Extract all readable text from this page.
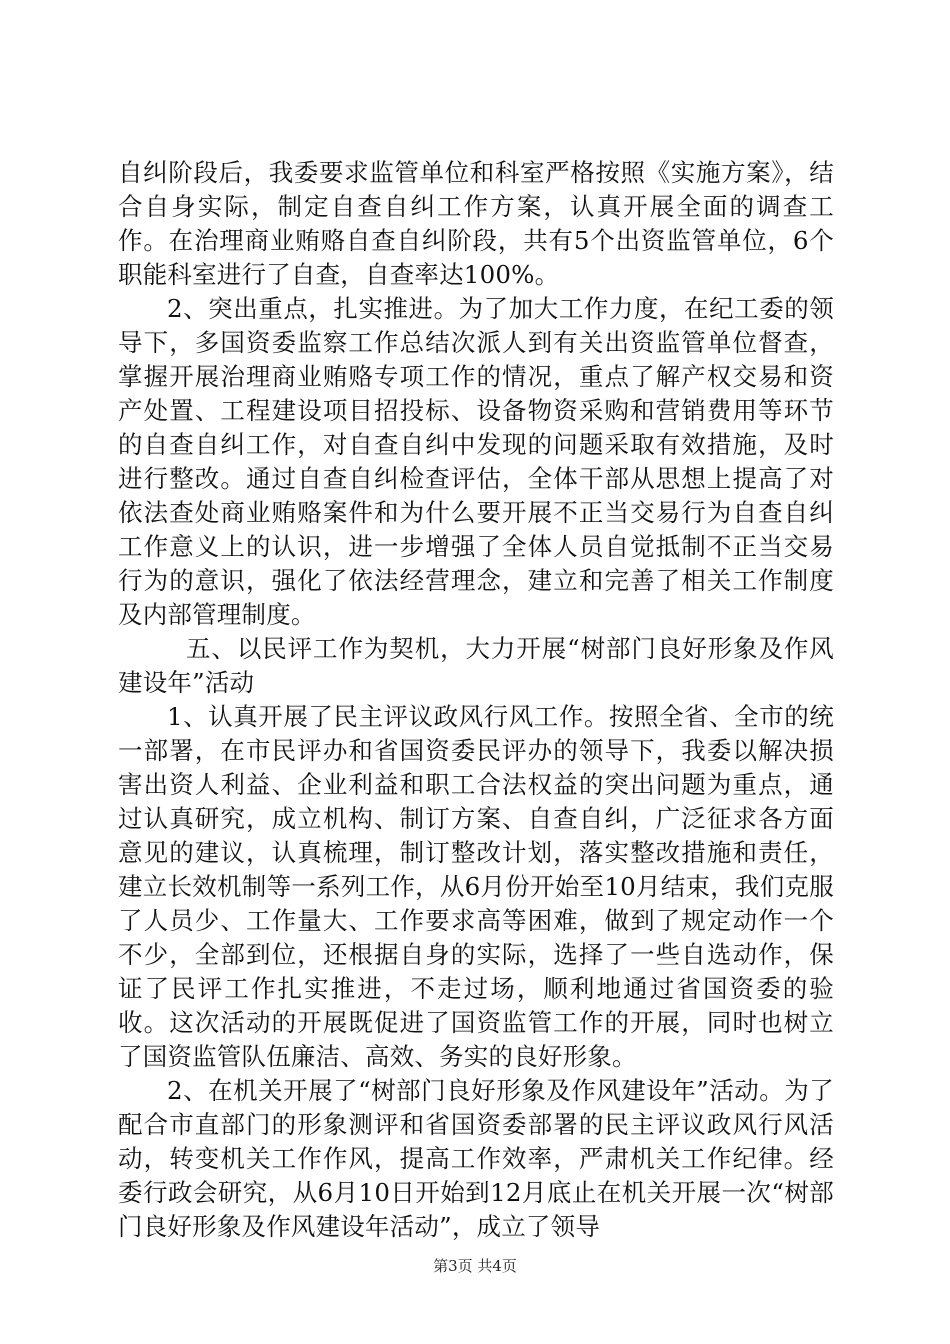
自纠阶段后，我委要求监管单位和科室严格按照《实施方案》，结合自身实际，制定自查自纠工作方案，认真开展全面的调查工作。在治理商业贿赂自查自纠阶段，共有5个出资监管单位，6个职能科室进行了自查，自查率达100%。

2、突出重点，扎实推进。为了加大工作力度，在纪工委的领导下，多国资委监察工作总结次派人到有关出资监管单位督查，掌握开展治理商业贿赂专项工作的情况，重点了解产权交易和资产处置、工程建设项目招投标、设备物资采购和营销费用等环节的自查自纠工作，对自查自纠中发现的问题采取有效措施，及时进行整改。通过自查自纠检查评估，全体干部从思想上提高了对依法查处商业贿赂案件和为什么要开展不正当交易行为自查自纠工作意义上的认识，进一步增强了全体人员自觉抵制不正当交易行为的意识，强化了依法经营理念，建立和完善了相关工作制度及内部管理制度。

五、以民评工作为契机，大力开展“树部门良好形象及作风建设年”活动

1、认真开展了民主评议政风行风工作。按照全省、全市的统一部署，在市民评办和省国资委民评办的领导下，我委以解决损害出资人利益、企业利益和职工合法权益的突出问题为重点，通过认真研究，成立机构、制订方案、自查自纠，广泛征求各方面意见的建议，认真梳理，制订整改计划，落实整改措施和责任，建立长效机制等一系列工作，从6月份开始至10月结束，我们克服了人员少、工作量大、工作要求高等困难，做到了规定动作一个不少，全部到位，还根据自身的实际，选择了一些自选动作，保证了民评工作扎实推进，不走过场，顺利地通过省国资委的验收。这次活动的开展既促进了国资监管工作的开展，同时也树立了国资监管队伍廉洁、高效、务实的良好形象。

2、在机关开展了“树部门良好形象及作风建设年”活动。为了配合市直部门的形象测评和省国资委部署的民主评议政风行风活动，转变机关工作作风，提高工作效率，严肃机关工作纪律。经委行政会研究，从6月10日开始到12月底止在机关开展一次“树部门良好形象及作风建设年活动”，成立了领导

第3页 共4页
